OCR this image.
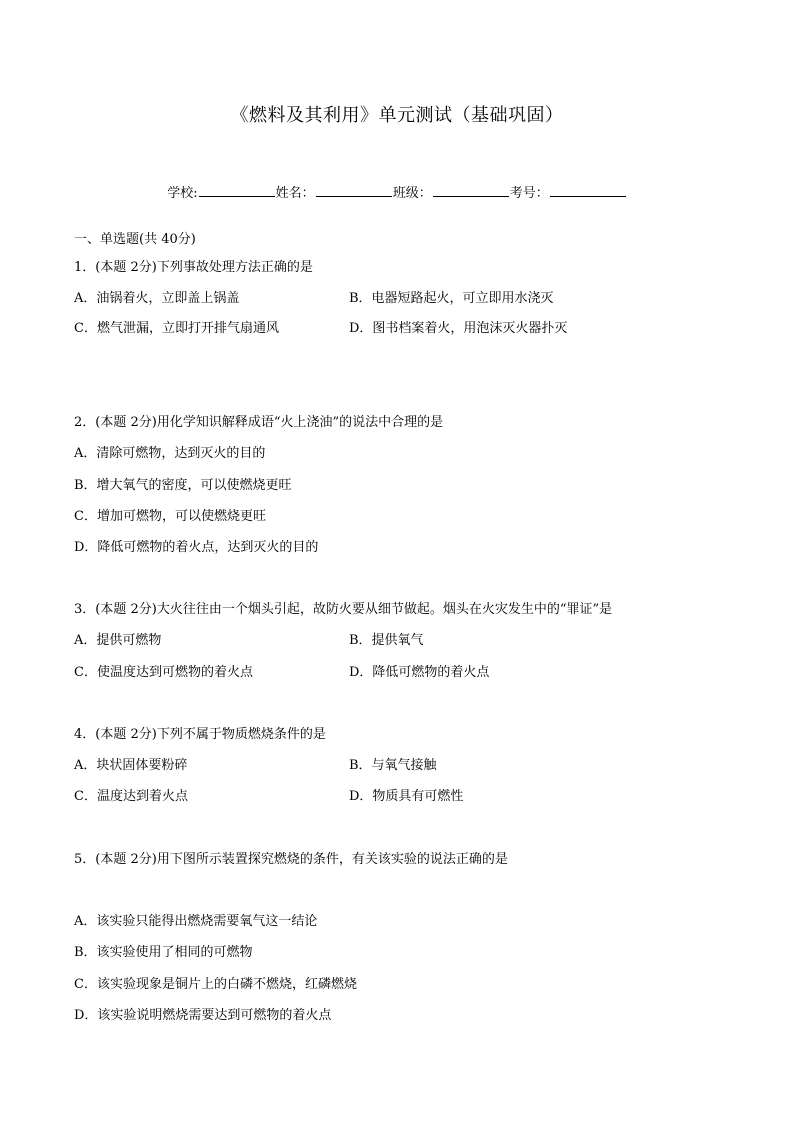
《燃料及其利用》单元测试（基础巩固）
学校:	姓名：	班级：	考号：
一、单选题(共 40分)
1．(本题 2分)下列事故处理方法正确的是
A．油锅着火，立即盖上锅盖	B．电器短路起火，可立即用水浇灭
C．燃气泄漏，立即打开排气扇通风	D．图书档案着火，用泡沫灭火器扑灭
2．(本题 2分)用化学知识解释成语“火上浇油”的说法中合理的是
A．清除可燃物，达到灭火的目的
B．增大氧气的密度，可以使燃烧更旺
C．增加可燃物，可以使燃烧更旺
D．降低可燃物的着火点，达到灭火的目的
3．(本题 2分)大火往往由一个烟头引起，故防火要从细节做起。烟头在火灾发生中的“罪证”是
A．提供可燃物	B．提供氧气
C．使温度达到可燃物的着火点	D．降低可燃物的着火点
4．(本题 2分)下列不属于物质燃烧条件的是
A．块状固体要粉碎	B．与氧气接触
C．温度达到着火点	D．物质具有可燃性
5．(本题 2分)用下图所示装置探究燃烧的条件，有关该实验的说法正确的是
A．该实验只能得出燃烧需要氧气这一结论
B．该实验使用了相同的可燃物
C．该实验现象是铜片上的白磷不燃烧，红磷燃烧
D．该实验说明燃烧需要达到可燃物的着火点
